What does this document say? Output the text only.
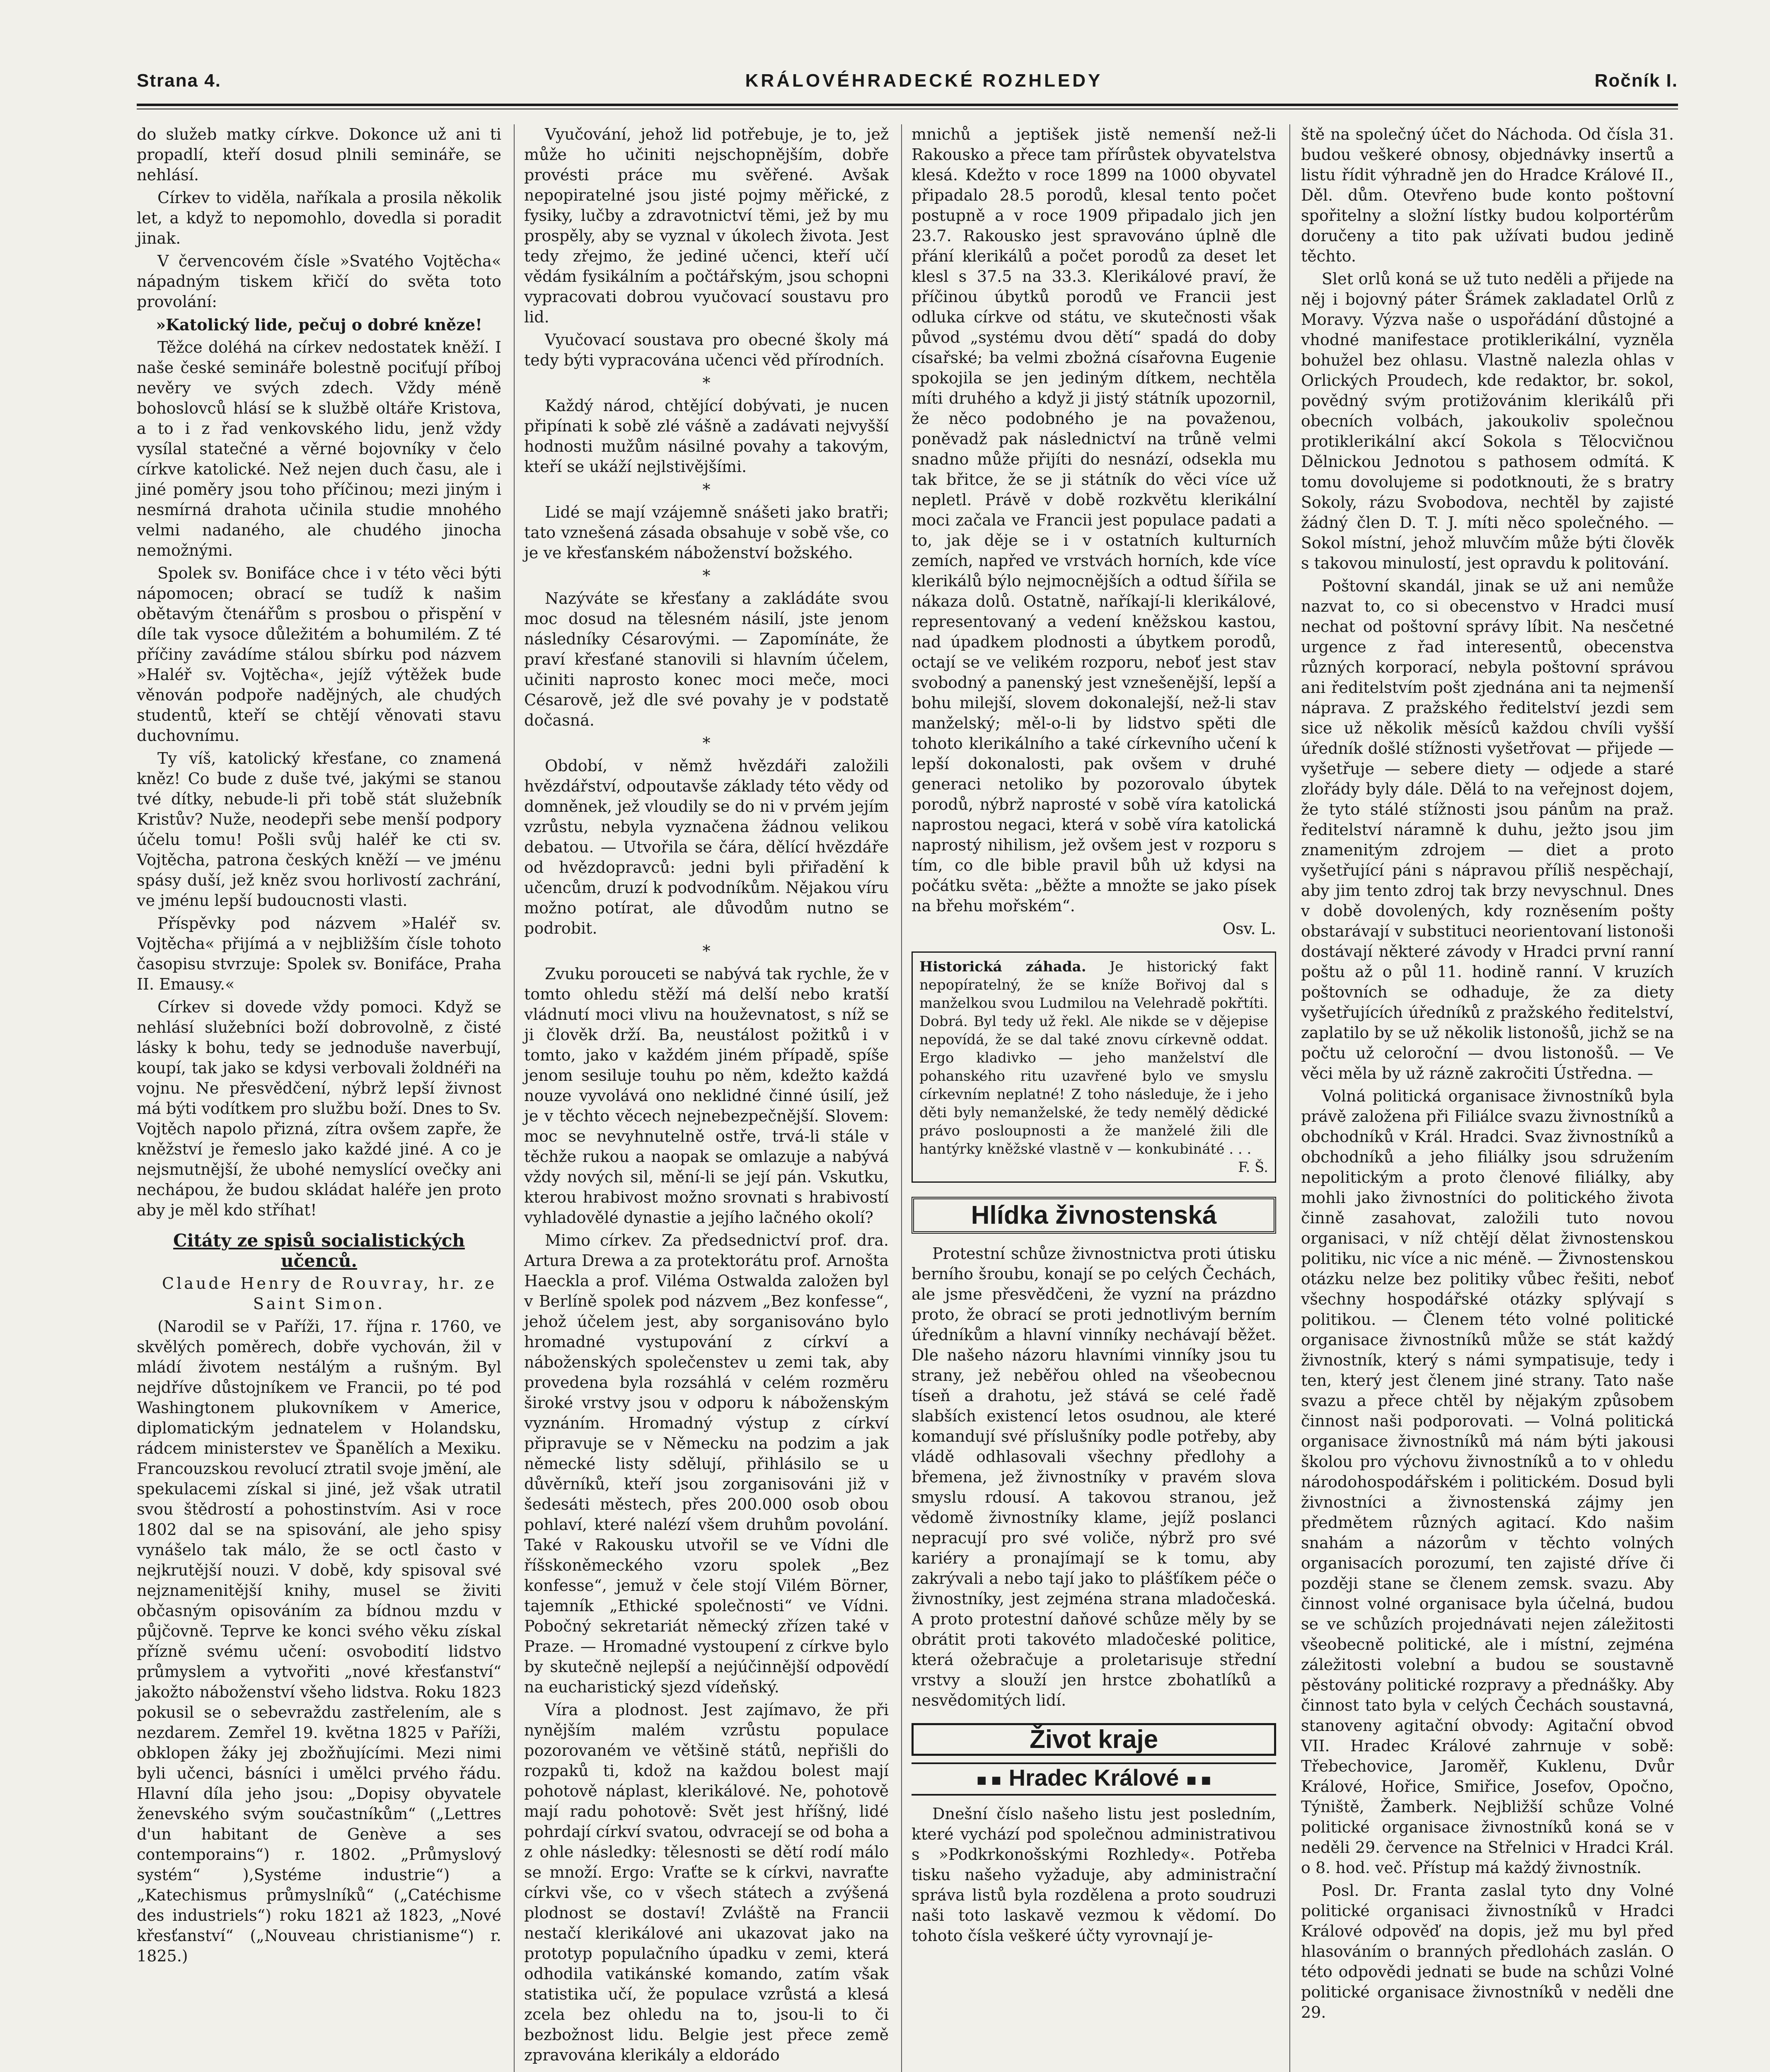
Strana 4.	KRÁLOVÉHRADECKÉ ROZHLEDY	Ročník I.

do služeb matky církve. Dokonce už ani ti propadlí, kteří dosud plnili semináře, se nehlásí.

Církev to viděla, naříkala a prosila několik let, a když to nepomohlo, dovedla si poradit jinak.

V červencovém čísle »Svatého Vojtěcha« nápadným tiskem křičí do světa toto provolání:

»Katolický lide, pečuj o dobré kněze!

Těžce doléhá na církev nedostatek kněží. I naše české semináře bolestně pociťují příboj nevěry ve svých zdech. Vždy méně bohoslovců hlásí se k službě oltáře Kristova, a to i z řad venkovského lidu, jenž vždy vysílal statečné a věrné bojovníky v čelo církve katolické. Než nejen duch času, ale i jiné poměry jsou toho příčinou; mezi jiným i nesmírná drahota učinila studie mnohého velmi nadaného, ale chudého jinocha nemožnými.

Spolek sv. Bonifáce chce i v této věci býti nápomocen; obrací se tudíž k našim obětavým čtenářům s prosbou o přispění v díle tak vysoce důležitém a bohumilém. Z té příčiny zavádíme stálou sbírku pod názvem »Haléř sv. Vojtěcha«, jejíž výtěžek bude věnován podpoře nadějných, ale chudých studentů, kteří se chtějí věnovati stavu duchovnímu.

Ty víš, katolický křesťane, co znamená kněz! Co bude z duše tvé, jakými se stanou tvé dítky, nebude-li při tobě stát služebník Kristův? Nuže, neodepři sebe menší podpory účelu tomu! Pošli svůj haléř ke cti sv. Vojtěcha, patrona českých kněží — ve jménu spásy duší, jež kněz svou horlivostí zachrání, ve jménu lepší budoucnosti vlasti.

Příspěvky pod názvem »Haléř sv. Vojtěcha« přijímá a v nejbližším čísle tohoto časopisu stvrzuje: Spolek sv. Bonifáce, Praha II. Emausy.«

Církev si dovede vždy pomoci. Když se nehlásí služebníci boží dobrovolně, z čisté lásky k bohu, tedy se jednoduše naverbují, koupí, tak jako se kdysi verbovali žoldnéři na vojnu. Ne přesvědčení, nýbrž lepší živnost má býti vodítkem pro službu boží. Dnes to Sv. Vojtěch napolo přizná, zítra ovšem zapře, že kněžství je řemeslo jako každé jiné. A co je nejsmutnější, že ubohé nemyslící ovečky ani nechápou, že budou skládat haléře jen proto aby je měl kdo stříhat!

Citáty ze spisů socialistických učenců.

Claude Henry de Rouvray, hr. ze Saint Simon.

(Narodil se v Paříži, 17. října r. 1760, ve skvělých poměrech, dobře vychován, žil v mládí životem nestálým a rušným. Byl nejdříve důstojníkem ve Francii, po té pod Washingtonem plukovníkem v Americe, diplomatickým jednatelem v Holandsku, rádcem ministerstev ve Španělích a Mexiku. Francouzskou revolucí ztratil svoje jmění, ale spekulacemi získal si jiné, jež však utratil svou štědrostí a pohostinstvím. Asi v roce 1802 dal se na spisování, ale jeho spisy vynášelo tak málo, že se octl často v nejkrutější nouzi. V době, kdy spisoval své nejznamenitější knihy, musel se živiti občasným opisováním za bídnou mzdu v půjčovně. Teprve ke konci svého věku získal přízně svému učení: osvobodití lidstvo průmyslem a vytvořiti „nové křesťanství“ jakožto náboženství všeho lidstva. Roku 1823 pokusil se o sebevraždu zastřelením, ale s nezdarem. Zemřel 19. května 1825 v Paříži, obklopen žáky jej zbožňujícími. Mezi nimi byli učenci, básníci i umělci prvého řádu. Hlavní díla jeho jsou: „Dopisy obyvatele ženevského svým součastníkům“ („Lettres d'un habitant de Genève a ses contemporains“) r. 1802. „Průmyslový systém“ ),Systéme industrie“) a „Katechismus průmyslníků“ („Catéchisme des industriels“) roku 1821 až 1823, „Nové křesťanství“ („Nouveau christianisme“) r. 1825.)

Vyučování, jehož lid potřebuje, je to, jež může ho učiniti nejschopnějším, dobře provésti práce mu svěřené. Avšak nepopiratelné jsou jisté pojmy měřické, z fysiky, lučby a zdravotnictví těmi, jež by mu prospěly, aby se vyznal v úkolech života. Jest tedy zřejmo, že jediné učenci, kteří učí vědám fysikálním a počtářským, jsou schopni vypracovati dobrou vyučovací soustavu pro lid.

Vyučovací soustava pro obecné školy má tedy býti vypracována učenci věd přírodních.

*

Každý národ, chtějící dobývati, je nucen připínati k sobě zlé vášně a zadávati nejvyšší hodnosti mužům násilné povahy a takovým, kteří se ukáží nejlstivějšími.

*

Lidé se mají vzájemně snášeti jako bratři; tato vznešená zásada obsahuje v sobě vše, co je ve křesťanském náboženství božského.

*

Nazýváte se křesťany a zakládáte svou moc dosud na tělesném násilí, jste jenom následníky Césarovými. — Zapomínáte, že praví křesťané stanovili si hlavním účelem, učiniti naprosto konec moci meče, moci Césarově, jež dle své povahy je v podstatě dočasná.

*

Období, v němž hvězdáři založili hvězdářství, odpoutavše základy této vědy od domněnek, jež vloudily se do ni v prvém jejím vzrůstu, nebyla vyznačena žádnou velikou debatou. — Utvořila se čára, dělící hvězdáře od hvězdopravců: jedni byli přiřadění k učencům, druzí k podvodníkům. Nějakou víru možno potírat, ale důvodům nutno se podrobit.

*

Zvuku porouceti se nabývá tak rychle, že v tomto ohledu stěží má delší nebo kratší vládnutí moci vlivu na houževnatost, s níž se ji člověk drží. Ba, neustálost požitků i v tomto, jako v každém jiném případě, spíše jenom sesiluje touhu po něm, kdežto každá nouze vyvolává ono neklidné činné úsilí, jež je v těchto věcech nejnebezpečnější. Slovem: moc se nevyhnutelně ostře, trvá-li stále v těchže rukou a naopak se omlazuje a nabývá vždy nových sil, mění-li se její pán. Vskutku, kterou hrabivost možno srovnati s hrabivostí vyhladovělé dynastie a jejího lačného okolí?

Mimo církev. Za předsednictví prof. dra. Artura Drewa a za protektorátu prof. Arnošta Haeckla a prof. Viléma Ostwalda založen byl v Berlíně spolek pod názvem „Bez konfesse“, jehož účelem jest, aby sorganisováno bylo hromadné vystupování z církví a náboženských společenstev u zemi tak, aby provedena byla rozsáhlá v celém rozměru široké vrstvy jsou v odporu k náboženským vyznáním. Hromadný výstup z církví připravuje se v Německu na podzim a jak německé listy sdělují, přihlásilo se u důvěrníků, kteří jsou zorganisováni již v šedesáti městech, přes 200.000 osob obou pohlaví, které nalézí všem druhům povolání. Také v Rakousku utvořil se ve Vídni dle říšskoněmeckého vzoru spolek „Bez konfesse“, jemuž v čele stojí Vilém Börner, tajemník „Ethické společnosti“ ve Vídni. Pobočný sekretariát německý zřízen také v Praze. — Hromadné vystoupení z církve bylo by skutečně nejlepší a nejúčinnější odpovědí na eucharistický sjezd vídeňský.

Víra a plodnost. Jest zajímavo, že při nynějším malém vzrůstu populace pozorovaném ve většině států, nepřišli do rozpaků ti, kdož na každou bolest mají pohotově náplast, klerikálové. Ne, pohotově mají radu pohotově: Svět jest hříšný, lidé pohrdají církví svatou, odvracejí se od boha a z ohle následky: tělesnosti se dětí rodí málo se množí. Ergo: Vraťte se k církvi, navraťte církvi vše, co v všech státech a zvýšená plodnost se dostaví! Zvláště na Francii nestačí klerikálové ani ukazovat jako na prototyp populačního úpadku v zemi, která odhodila vatikánské komando, zatím však statistika učí, že populace vzrůstá a klesá zcela bez ohledu na to, jsou-li to či bezbožnost lidu. Belgie jest přece země zpravována klerikály a eldorádo

mnichů a jeptišek jistě nemenší než-li Rakousko a přece tam přírůstek obyvatelstva klesá. Kdežto v roce 1899 na 1000 obyvatel připadalo 28.5 porodů, klesal tento počet postupně a v roce 1909 připadalo jich jen 23.7. Rakousko jest spravováno úplně dle přání klerikálů a počet porodů za deset let klesl s 37.5 na 33.3. Klerikálové praví, že příčinou úbytků porodů ve Francii jest odluka církve od státu, ve skutečnosti však původ „systému dvou dětí“ spadá do doby císařské; ba velmi zbožná císařovna Eugenie spokojila se jen jediným dítkem, nechtěla míti druhého a když ji jistý státník upozornil, že něco podobného je na považenou, poněvadž pak následnictví na trůně velmi snadno může přijíti do nesnází, odsekla mu tak břitce, že se ji státník do věci více už nepletl. Právě v době rozkvětu klerikální moci začala ve Francii jest populace padati a to, jak děje se i v ostatních kulturních zemích, napřed ve vrstvách horních, kde více klerikálů býlo nejmocnějších a odtud šířila se nákaza dolů. Ostatně, naříkají-li klerikálové, representovaný a vedení kněžskou kastou, nad úpadkem plodnosti a úbytkem porodů, octají se ve velikém rozporu, neboť jest stav svobodný a panenský jest vznešenější, lepší a bohu milejší, slovem dokonalejší, než-li stav manželský; měl-o-li by lidstvo spěti dle tohoto klerikálního a také církevního učení k lepší dokonalosti, pak ovšem v druhé generaci netoliko by pozorovalo úbytek porodů, nýbrž naprosté v sobě víra katolická naprostou negaci, která v sobě víra katolická naprostý nihilism, jež ovšem jest v rozporu s tím, co dle bible pravil bůh už kdysi na počátku světa: „běžte a množte se jako písek na břehu mořském“.

Osv. L.

Historická záhada. Je historický fakt nepopíratelný, že se kníže Bořivoj dal s manželkou svou Ludmilou na Velehradě pokřtíti. Dobrá. Byl tedy už řekl. Ale nikde se v dějepise nepovídá, že se dal také znovu církevně oddat. Ergo kladivko — jeho manželství dle pohanského ritu uzavřené bylo ve smyslu církevním neplatné! Z toho následuje, že i jeho děti byly nemanželské, že tedy nemělý dědické právo posloupnosti a že manželé žili dle hantýrky kněžské vlastně v — konkubináté . . .
F. Š.
Hlídka živnostenská

Protestní schůze živnostnictva proti útisku berního šroubu, konají se po celých Čechách, ale jsme přesvědčeni, že vyzní na prázdno proto, že obrací se proti jednotlivým berním úředníkům a hlavní vinníky nechávají běžet. Dle našeho názoru hlavními vinníky jsou tu strany, jež neběřou ohled na všeobecnou tíseň a drahotu, jež stává se celé řadě slabších existencí letos osudnou, ale které komandují své příslušníky podle potřeby, aby vládě odhlasovali všechny předlohy a břemena, jež živnostníky v pravém slova smyslu rdousí. A takovou stranou, jež vědomě živnostníky klame, jejíž poslanci nepracují pro své voliče, nýbrž pro své kariéry a pronajímají se k tomu, aby zakrývali a nebo tají jako to plášťíkem péče o živnostníky, jest zejména strana mladočeská. A proto protestní daňové schůze měly by se obrátit proti takovéto mladočeské politice, která ožebračuje a proletarisuje střední vrstvy a slouží jen hrstce zbohatlíků a nesvědomitých lidí.

Život kraje
■ ■ Hradec Králové ■ ■

Dnešní číslo našeho listu jest posledním, které vychází pod společnou administrativou s »Podkrkonošskými Rozhledy«. Potřeba tisku našeho vyžaduje, aby administrační správa listů byla rozdělena a proto soudruzi naši toto laskavě vezmou k vědomí. Do tohoto čísla veškeré účty vyrovnají je-

ště na společný účet do Náchoda. Od čísla 31. budou veškeré obnosy, objednávky insertů a listu řídit výhradně jen do Hradce Králové II., Děl. dům. Otevřeno bude konto poštovní spořitelny a složní lístky budou kolportérům doručeny a tito pak užívati budou jedině těchto.

Slet orlů koná se už tuto neděli a přijede na něj i bojovný páter Šrámek zakladatel Orlů z Moravy. Výzva naše o uspořádání důstojné a vhodné manifestace protiklerikální, vyzněla bohužel bez ohlasu. Vlastně nalezla ohlas v Orlických Proudech, kde redaktor, br. sokol, povědný svým protižovánim klerikálů při obecních volbách, jakoukoliv společnou protiklerikální akcí Sokola s Tělocvičnou Dělnickou Jednotou s pathosem odmítá. K tomu dovolujeme si podotknouti, že s bratry Sokoly, rázu Svobodova, nechtěl by zajisté žádný člen D. T. J. míti něco společného. — Sokol místní, jehož mluvčím může býti člověk s takovou minulostí, jest opravdu k politování.

Poštovní skandál, jinak se už ani nemůže nazvat to, co si obecenstvo v Hradci musí nechat od poštovní správy líbit. Na nesčetné urgence z řad interesentů, obecenstva různých korporací, nebyla poštovní správou ani ředitelstvím pošt zjednána ani ta nejmenší náprava. Z pražského ředitelství jezdi sem sice už několik měsíců každou chvíli vyšší úředník došlé stížnosti vyšetřovat — přijede — vyšetřuje — sebere diety — odjede a staré zlořády byly dále. Dělá to na veřejnost dojem, že tyto stálé stížnosti jsou pánům na praž. ředitelství náramně k duhu, ježto jsou jim znamenitým zdrojem — diet a proto vyšetřující páni s nápravou příliš nespěchají, aby jim tento zdroj tak brzy nevyschnul. Dnes v době dovolených, kdy rozněsením pošty obstarávají v substituci neorientovaní listonoši dostávají některé závody v Hradci první ranní poštu až o půl 11. hodině ranní. V kruzích poštovních se odhaduje, že za diety vyšetřujících úředníků z pražského ředitelství, zaplatilo by se už několik listonošů, jichž se na počtu už celoroční — dvou listonošů. — Ve věci měla by už rázně zakročiti Ústředna. —

Volná politická organisace živnostníků byla právě založena při Filiálce svazu živnostníků a obchodníků v Král. Hradci. Svaz živnostníků a obchodníků a jeho filiálky jsou sdružením nepolitickým a proto členové filiálky, aby mohli jako živnostníci do politického života činně zasahovat, založili tuto novou organisaci, v níž chtějí dělat živnostenskou politiku, nic více a nic méně. — Živnostenskou otázku nelze bez politiky vůbec řešiti, neboť všechny hospodářské otázky splývají s politikou. — Členem této volné politické organisace živnostníků může se stát každý živnostník, který s námi sympatisuje, tedy i ten, který jest členem jiné strany. Tato naše svazu a přece chtěl by nějakým způsobem činnost naši podporovati. — Volná politická organisace živnostníků má nám býti jakousi školou pro výchovu živnostníků a to v ohledu národohospodářském i politickém. Dosud byli živnostníci a živnostenská zájmy jen předmětem různých agitací. Kdo našim snahám a názorům v těchto volných organisacích porozumí, ten zajisté dříve či později stane se členem zemsk. svazu. Aby činnost volné organisace byla účelná, budou se ve schůzích projednávati nejen záležitosti všeobecně politické, ale i místní, zejména záležitosti volební a budou se soustavně pěstovány politické rozpravy a přednášky. Aby činnost tato byla v celých Čechách soustavná, stanoveny agitační obvody: Agitační obvod VII. Hradec Králové zahrnuje v sobě: Třebechovice, Jaroměř, Kuklenu, Dvůr Králové, Hořice, Smiřice, Josefov, Opočno, Týniště, Žamberk. Nejbližší schůze Volné politické organisace živnostníků koná se v neděli 29. července na Střelnici v Hradci Král. o 8. hod. več. Přístup má každý živnostník.

Posl. Dr. Franta zaslal tyto dny Volné politické organisaci živnostníků v Hradci Králové odpověď na dopis, jež mu byl před hlasováním o branných předlohách zaslán. O této odpovědi jednati se bude na schůzi Volné politické organisace živnostníků v neděli dne 29.
